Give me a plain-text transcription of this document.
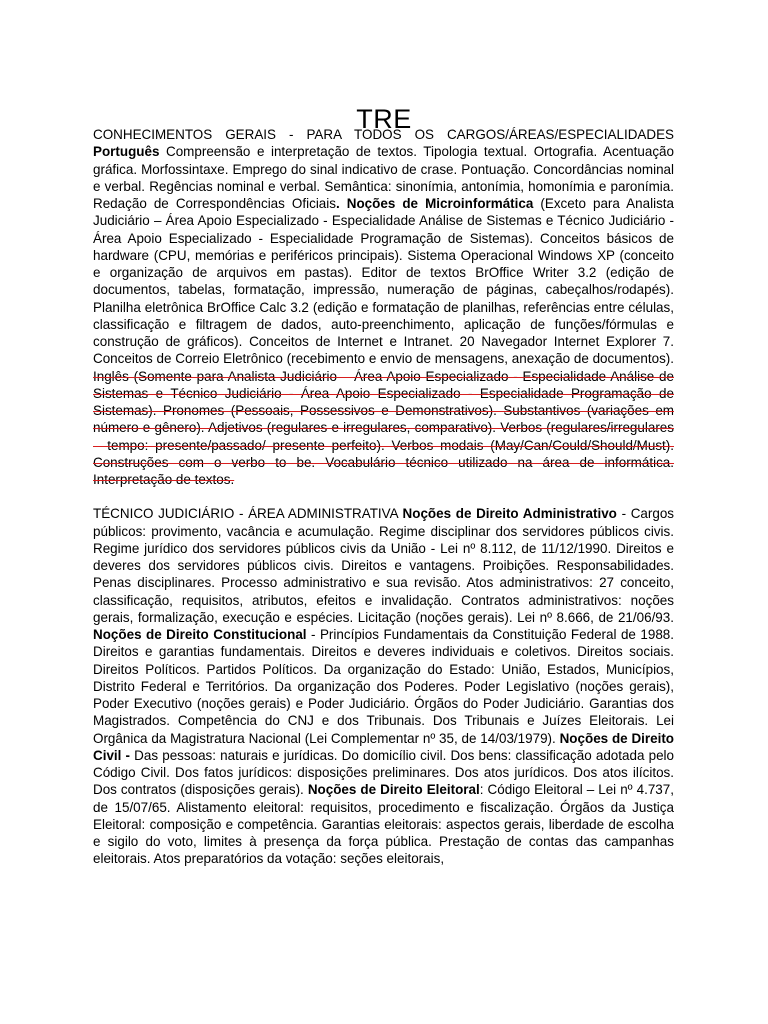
TRE

CONHECIMENTOS GERAIS - PARA TODOS OS CARGOS/ÁREAS/ESPECIALIDADES Português Compreensão e interpretação de textos. Tipologia textual. Ortografia. Acentuação gráfica. Morfossintaxe. Emprego do sinal indicativo de crase. Pontuação. Concordâncias nominal e verbal. Regências nominal e verbal. Semântica: sinonímia, antonímia, homonímia e paronímia. Redação de Correspondências Oficiais. Noções de Microinformática (Exceto para Analista Judiciário – Área Apoio Especializado - Especialidade Análise de Sistemas e Técnico Judiciário - Área Apoio Especializado - Especialidade Programação de Sistemas). Conceitos básicos de hardware (CPU, memórias e periféricos principais). Sistema Operacional Windows XP (conceito e organização de arquivos em pastas). Editor de textos BrOffice Writer 3.2 (edição de documentos, tabelas, formatação, impressão, numeração de páginas, cabeçalhos/rodapés). Planilha eletrônica BrOffice Calc 3.2 (edição e formatação de planilhas, referências entre células, classificação e filtragem de dados, auto-preenchimento, aplicação de funções/fórmulas e construção de gráficos). Conceitos de Internet e Intranet. 20 Navegador Internet Explorer 7. Conceitos de Correio Eletrônico (recebimento e envio de mensagens, anexação de documentos). Inglês (Somente para Analista Judiciário – Área Apoio Especializado - Especialidade Análise de Sistemas e Técnico Judiciário - Área Apoio Especializado - Especialidade Programação de Sistemas). Pronomes (Pessoais, Possessivos e Demonstrativos). Substantivos (variações em número e gênero). Adjetivos (regulares e irregulares, comparativo). Verbos (regulares/irregulares – tempo: presente/passado/ presente perfeito). Verbos modais (May/Can/Could/Should/Must). Construções com o verbo to be. Vocabulário técnico utilizado na área de informática. Interpretação de textos.

TÉCNICO JUDICIÁRIO - ÁREA ADMINISTRATIVA Noções de Direito Administrativo - Cargos públicos: provimento, vacância e acumulação. Regime disciplinar dos servidores públicos civis. Regime jurídico dos servidores públicos civis da União - Lei nº 8.112, de 11/12/1990. Direitos e deveres dos servidores públicos civis. Direitos e vantagens. Proibições. Responsabilidades. Penas disciplinares. Processo administrativo e sua revisão. Atos administrativos: 27 conceito, classificação, requisitos, atributos, efeitos e invalidação. Contratos administrativos: noções gerais, formalização, execução e espécies. Licitação (noções gerais). Lei nº 8.666, de 21/06/93. Noções de Direito Constitucional - Princípios Fundamentais da Constituição Federal de 1988. Direitos e garantias fundamentais. Direitos e deveres individuais e coletivos. Direitos sociais. Direitos Políticos. Partidos Políticos. Da organização do Estado: União, Estados, Municípios, Distrito Federal e Territórios. Da organização dos Poderes. Poder Legislativo (noções gerais), Poder Executivo (noções gerais) e Poder Judiciário. Órgãos do Poder Judiciário. Garantias dos Magistrados. Competência do CNJ e dos Tribunais. Dos Tribunais e Juízes Eleitorais. Lei Orgânica da Magistratura Nacional (Lei Complementar nº 35, de 14/03/1979). Noções de Direito Civil - Das pessoas: naturais e jurídicas. Do domicílio civil. Dos bens: classificação adotada pelo Código Civil. Dos fatos jurídicos: disposições preliminares. Dos atos jurídicos. Dos atos ilícitos. Dos contratos (disposições gerais). Noções de Direito Eleitoral: Código Eleitoral – Lei nº 4.737, de 15/07/65. Alistamento eleitoral: requisitos, procedimento e fiscalização. Órgãos da Justiça Eleitoral: composição e competência. Garantias eleitorais: aspectos gerais, liberdade de escolha e sigilo do voto, limites à presença da força pública. Prestação de contas das campanhas eleitorais. Atos preparatórios da votação: seções eleitorais,
